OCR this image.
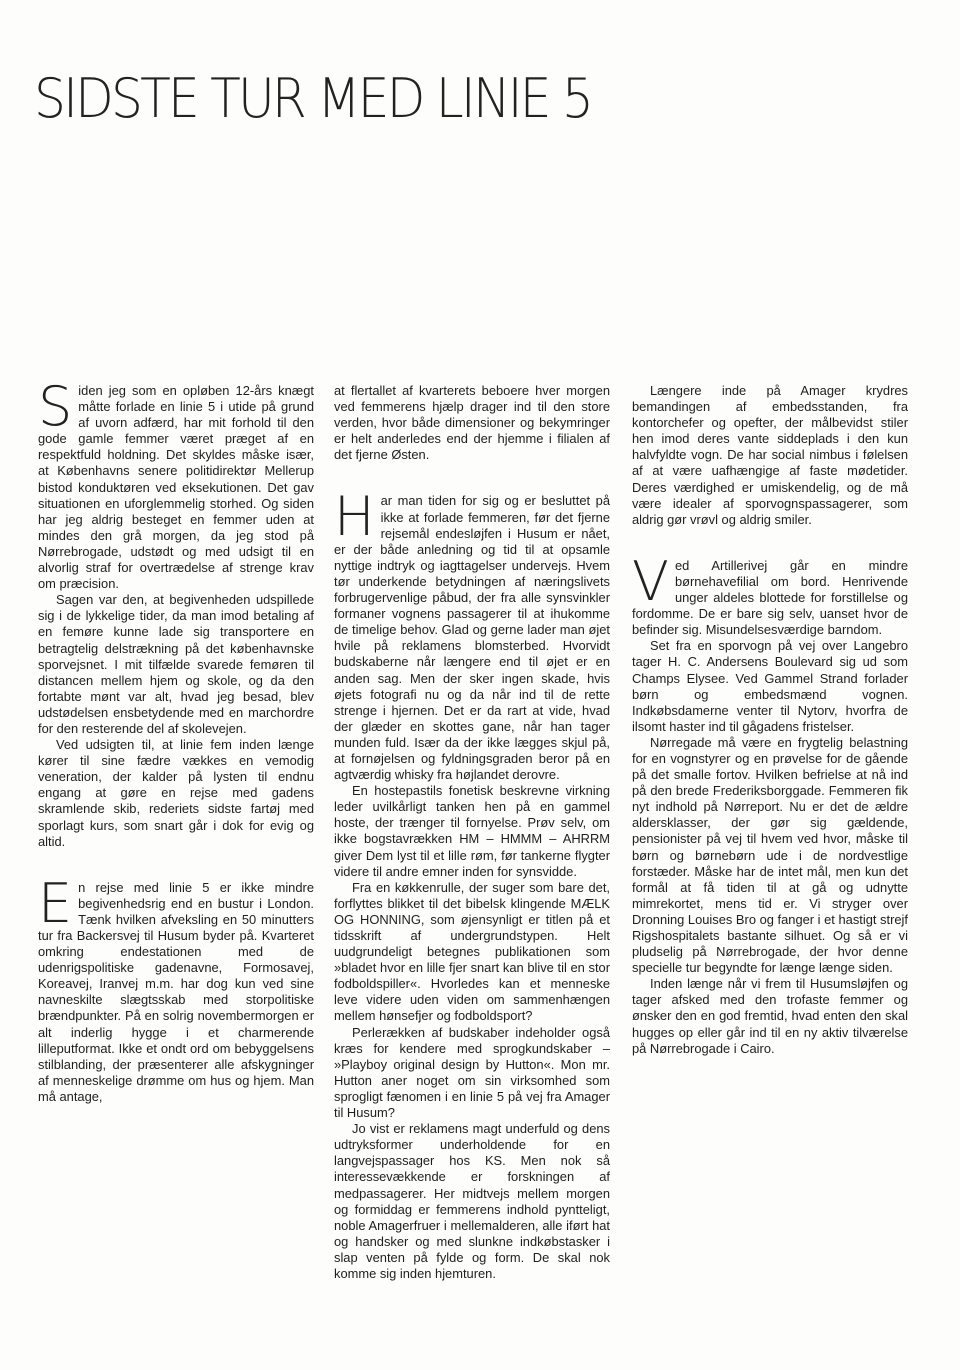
SIDSTE TUR MED LINIE 5

Siden jeg som en opløben 12-års knægt måtte forlade en linie 5 i utide på grund af uvorn adfærd, har mit forhold til den gode gamle femmer været præget af en respektfuld holdning. Det skyldes måske især, at Københavns senere politidirektør Mellerup bistod konduktøren ved eksekutionen. Det gav situationen en uforglemmelig storhed. Og siden har jeg aldrig besteget en femmer uden at mindes den grå morgen, da jeg stod på Nørrebrogade, udstødt og med udsigt til en alvorlig straf for overtrædelse af strenge krav om præcision.

Sagen var den, at begivenheden udspillede sig i de lykkelige tider, da man imod betaling af en femøre kunne lade sig transportere en betragtelig delstrækning på det københavnske sporvejsnet. I mit tilfælde svarede femøren til distancen mellem hjem og skole, og da den fortabte mønt var alt, hvad jeg besad, blev udstødelsen ensbetydende med en marchordre for den resterende del af skolevejen.

Ved udsigten til, at linie fem inden længe kører til sine fædre vækkes en vemodig veneration, der kalder på lysten til endnu engang at gøre en rejse med gadens skramlende skib, rederiets sidste fartøj med sporlagt kurs, som snart går i dok for evig og altid.

En rejse med linie 5 er ikke mindre begivenhedsrig end en bustur i London. Tænk hvilken afveksling en 50 minutters tur fra Backersvej til Husum byder på. Kvarteret omkring endestationen med de udenrigspolitiske gadenavne, Formosavej, Koreavej, Iranvej m.m. har dog kun ved sine navneskilte slægtsskab med storpolitiske brændpunkter. På en solrig novembermorgen er alt inderlig hygge i et charmerende lilleputformat. Ikke et ondt ord om bebyggelsens stilblanding, der præsenterer alle afskygninger af menneskelige drømme om hus og hjem. Man må antage,

at flertallet af kvarterets beboere hver morgen ved femmerens hjælp drager ind til den store verden, hvor både dimensioner og bekymringer er helt anderledes end der hjemme i filialen af det fjerne Østen.

Har man tiden for sig og er besluttet på ikke at forlade femmeren, før det fjerne rejsemål endesløjfen i Husum er nået, er der både anledning og tid til at opsamle nyttige indtryk og iagttagelser undervejs. Hvem tør underkende betydningen af næringslivets forbrugervenlige påbud, der fra alle synsvinkler formaner vognens passagerer til at ihukomme de timelige behov. Glad og gerne lader man øjet hvile på reklamens blomsterbed. Hvorvidt budskaberne når længere end til øjet er en anden sag. Men der sker ingen skade, hvis øjets fotografi nu og da når ind til de rette strenge i hjernen. Det er da rart at vide, hvad der glæder en skottes gane, når han tager munden fuld. Især da der ikke lægges skjul på, at fornøjelsen og fyldningsgraden beror på en agtværdig whisky fra højlandet derovre.

En hostepastils fonetisk beskrevne virkning leder uvilkårligt tanken hen på en gammel hoste, der trænger til fornyelse. Prøv selv, om ikke bogstavrækken HM – HMMM – AHRRM giver Dem lyst til et lille røm, før tankerne flygter videre til andre emner inden for synsvidde.

Fra en køkkenrulle, der suger som bare det, forflyttes blikket til det bibelsk klingende MÆLK OG HONNING, som øjensynligt er titlen på et tidsskrift af undergrundstypen. Helt uudgrundeligt betegnes publikationen som »bladet hvor en lille fjer snart kan blive til en stor fodboldspiller«. Hvorledes kan et menneske leve videre uden viden om sammenhængen mellem hønsefjer og fodboldsport?

Perlerækken af budskaber indeholder også kræs for kendere med sprogkundskaber – »Playboy original design by Hutton«. Mon mr. Hutton aner noget om sin virksomhed som sprogligt fænomen i en linie 5 på vej fra Amager til Husum?

Jo vist er reklamens magt underfuld og dens udtryksformer underholdende for en langvejspassager hos KS. Men nok så interessevækkende er forskningen af medpassagerer. Her midtvejs mellem morgen og formiddag er femmerens indhold pyntteligt, noble Amagerfruer i mellemalderen, alle iført hat og handsker og med slunkne indkøbstasker i slap venten på fylde og form. De skal nok komme sig inden hjemturen.

Længere inde på Amager krydres bemandingen af embedsstanden, fra kontorchefer og opefter, der målbevidst stiler hen imod deres vante siddeplads i den kun halvfyldte vogn. De har social nimbus i følelsen af at være uafhængige af faste mødetider. Deres værdighed er umiskendelig, og de må være idealer af sporvognspassagerer, som aldrig gør vrøvl og aldrig smiler.

Ved Artillerivej går en mindre børnehavefilial om bord. Henrivende unger aldeles blottede for forstillelse og fordomme. De er bare sig selv, uanset hvor de befinder sig. Misundelsesværdige barndom.

Set fra en sporvogn på vej over Langebro tager H. C. Andersens Boulevard sig ud som Champs Elysee. Ved Gammel Strand forlader børn og embedsmænd vognen. Indkøbsdamerne venter til Nytorv, hvorfra de ilsomt haster ind til gågadens fristelser.

Nørregade må være en frygtelig belastning for en vognstyrer og en prøvelse for de gående på det smalle fortov. Hvilken befrielse at nå ind på den brede Frederiksborggade. Femmeren fik nyt indhold på Nørreport. Nu er det de ældre aldersklasser, der gør sig gældende, pensionister på vej til hvem ved hvor, måske til børn og børnebørn ude i de nordvestlige forstæder. Måske har de intet mål, men kun det formål at få tiden til at gå og udnytte mimrekortet, mens tid er. Vi stryger over Dronning Louises Bro og fanger i et hastigt strejf Rigshospitalets bastante silhuet. Og så er vi pludselig på Nørrebrogade, der hvor denne specielle tur begyndte for længe længe siden.

Inden længe når vi frem til Husumsløjfen og tager afsked med den trofaste femmer og ønsker den en god fremtid, hvad enten den skal hugges op eller går ind til en ny aktiv tilværelse på Nørrebrogade i Cairo.
